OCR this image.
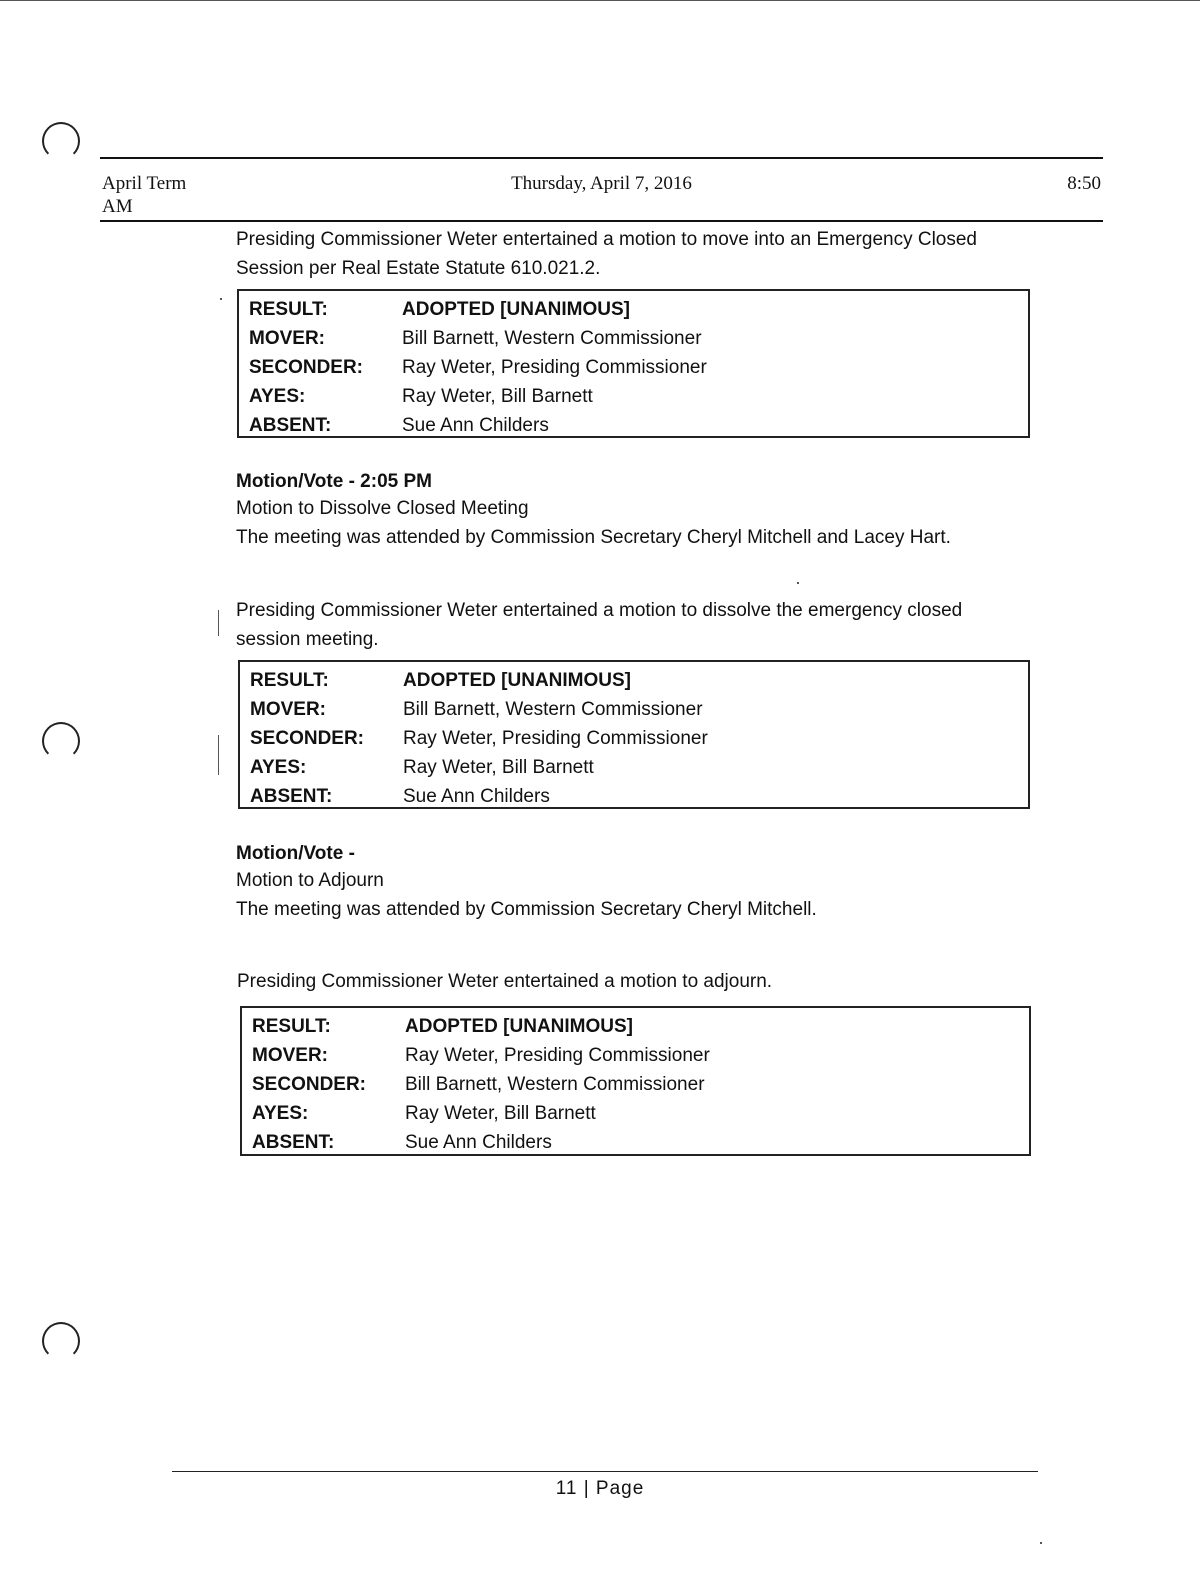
April Term
AM
Thursday, April 7, 2016	8:50
Presiding Commissioner Weter entertained a motion to move into an Emergency Closed
Session per Real Estate Statute 610.021.2.
RESULT:	ADOPTED [UNANIMOUS]
MOVER:	Bill Barnett, Western Commissioner
SECONDER:	Ray Weter, Presiding Commissioner
AYES:	Ray Weter, Bill Barnett
ABSENT:	Sue Ann Childers
Motion/Vote - 2:05 PM
Motion to Dissolve Closed Meeting
The meeting was attended by Commission Secretary Cheryl Mitchell and Lacey Hart.
Presiding Commissioner Weter entertained a motion to dissolve the emergency closed
session meeting.
RESULT:	ADOPTED [UNANIMOUS]
MOVER:	Bill Barnett, Western Commissioner
SECONDER:	Ray Weter, Presiding Commissioner
AYES:	Ray Weter, Bill Barnett
ABSENT:	Sue Ann Childers
Motion/Vote -
Motion to Adjourn
The meeting was attended by Commission Secretary Cheryl Mitchell.
Presiding Commissioner Weter entertained a motion to adjourn.
RESULT:	ADOPTED [UNANIMOUS]
MOVER:	Ray Weter, Presiding Commissioner
SECONDER:	Bill Barnett, Western Commissioner
AYES:	Ray Weter, Bill Barnett
ABSENT:	Sue Ann Childers
11 | Page
